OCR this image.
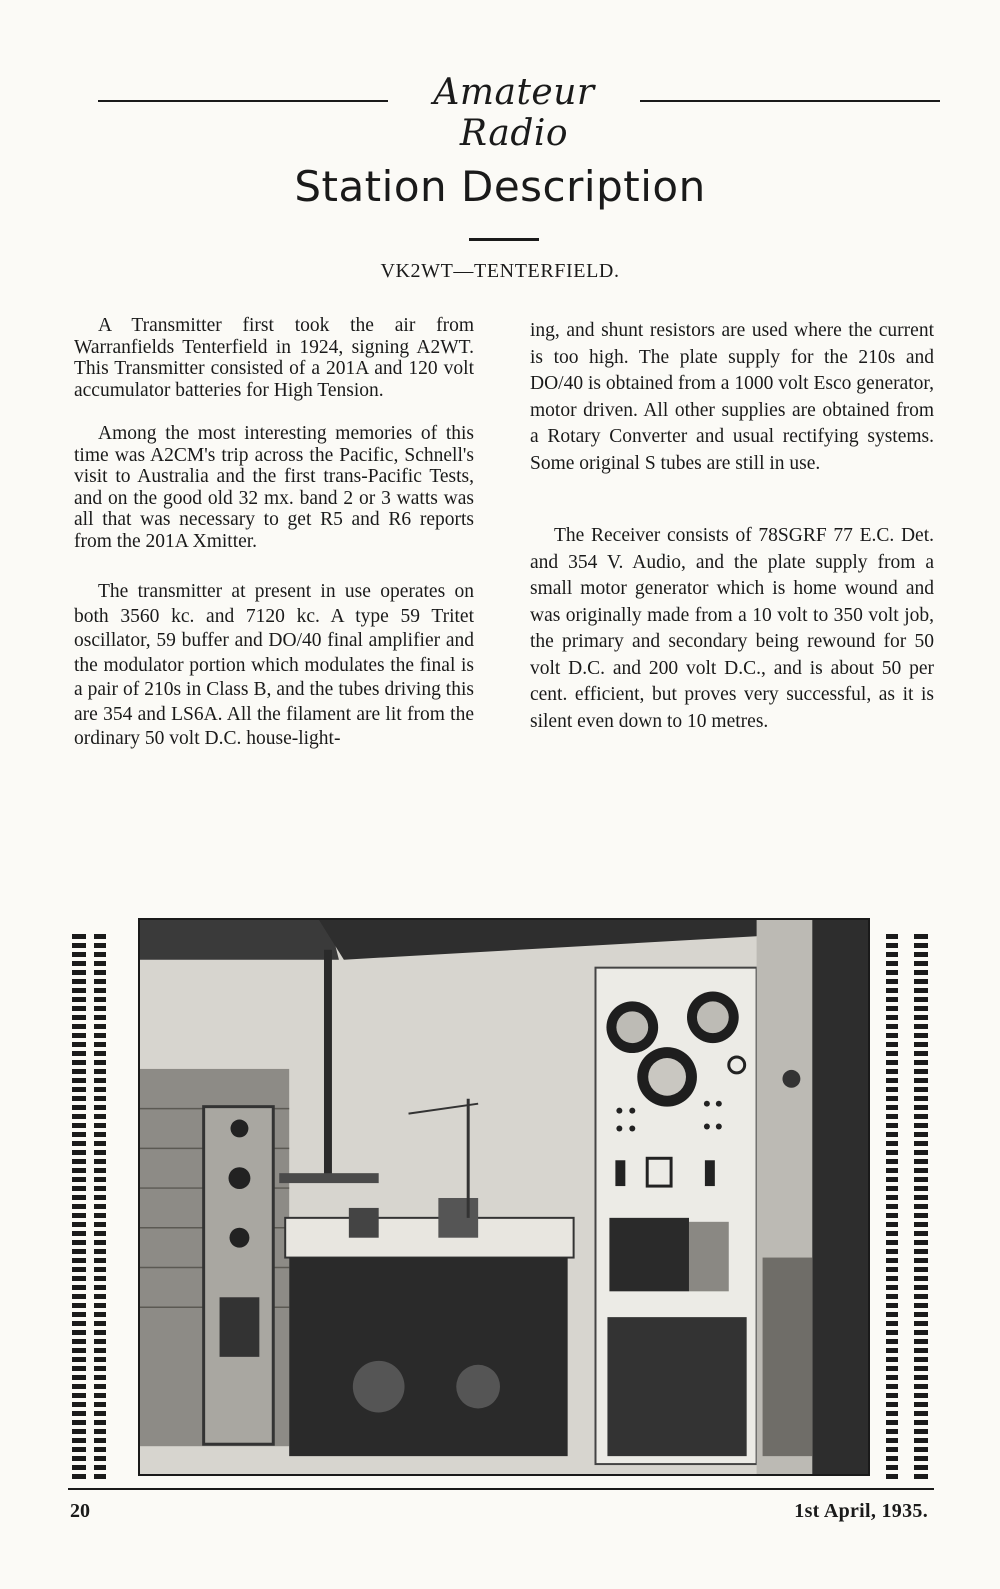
Amateur Radio
Station Description
VK2WT—TENTERFIELD.

A Transmitter first took the air from Warranfields Tenterfield in 1924, signing A2WT. This Transmitter consisted of a 201A and 120 volt accumulator batteries for High Tension.

Among the most interesting memories of this time was A2CM's trip across the Pacific, Schnell's visit to Australia and the first trans-Pacific Tests, and on the good old 32 mx. band 2 or 3 watts was all that was necessary to get R5 and R6 reports from the 201A Xmitter.

The transmitter at present in use operates on both 3560 kc. and 7120 kc. A type 59 Tritet oscillator, 59 buffer and DO/40 final amplifier and the modulator portion which modulates the final is a pair of 210s in Class B, and the tubes driving this are 354 and LS6A. All the filament are lit from the ordinary 50 volt D.C. house-light-

ing, and shunt resistors are used where the current is too high. The plate supply for the 210s and DO/40 is obtained from a 1000 volt Esco generator, motor driven. All other supplies are obtained from a Rotary Converter and usual rectifying systems. Some original S tubes are still in use.

The Receiver consists of 78SGRF 77 E.C. Det. and 354 V. Audio, and the plate supply from a small motor generator which is home wound and was originally made from a 10 volt to 350 volt job, the primary and secondary being rewound for 50 volt D.C. and 200 volt D.C., and is about 50 per cent. efficient, but proves very successful, as it is silent even down to 10 metres.

20	1st April, 1935.
